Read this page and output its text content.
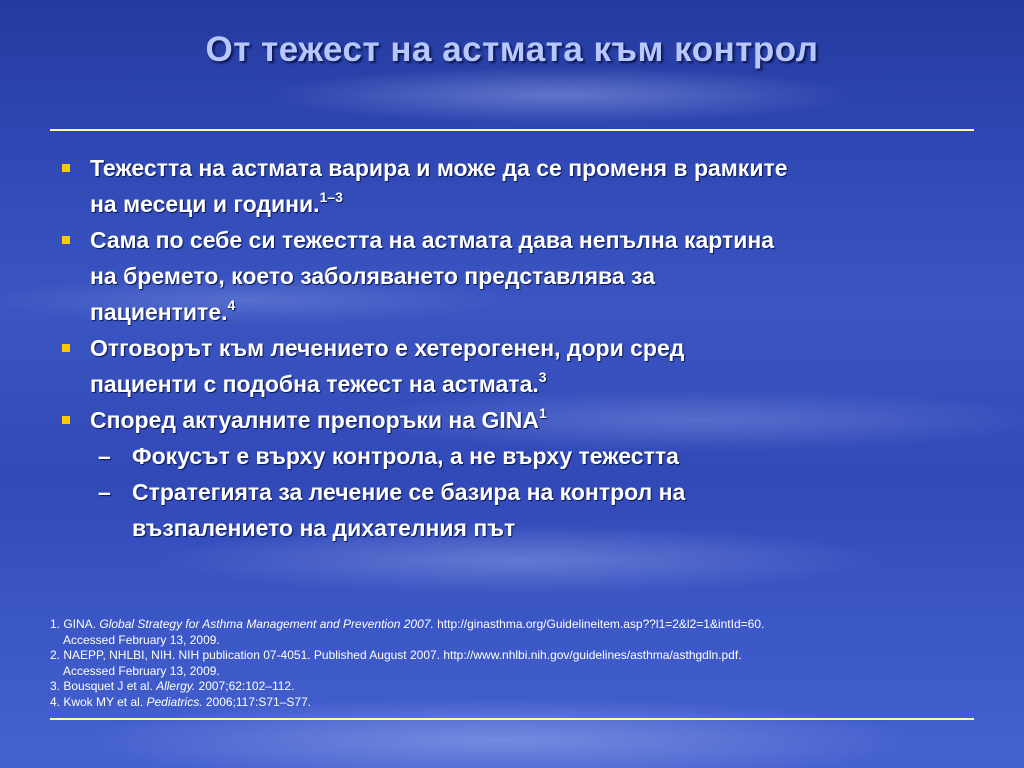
От тежест на астмата към контрол
Тежестта на астмата варира и може да се променя в рамките
на месеци и години.$^{1-3}$
Сама по себе си тежестта на астмата дава непълна картина
на бремето, което заболяването представлява за
пациентите.$^4$
Отговорът към лечението е хетерогенен, дори сред
пациенти с подобна тежест на астмата.$^3$
Според актуалните препоръки на GINA$^1$
– Фокусът е върху контрола, а не върху тежестта
– Стратегията за лечение се базира на контрол на
възпалението на дихателния път
1. GINA. Global Strategy for Asthma Management and Prevention 2007. http://ginasthma.org/Guidelineitem.asp??l1=2&l2=1&intId=60.
Accessed February 13, 2009.
2. NAEPP, NHLBI, NIH. NIH publication 07-4051. Published August 2007. http://www.nhlbi.nih.gov/guidelines/asthma/asthgdln.pdf.
Accessed February 13, 2009.
3. Bousquet J et al. Allergy. 2007;62:102–112.
4. Kwok MY et al. Pediatrics. 2006;117:S71–S77.
